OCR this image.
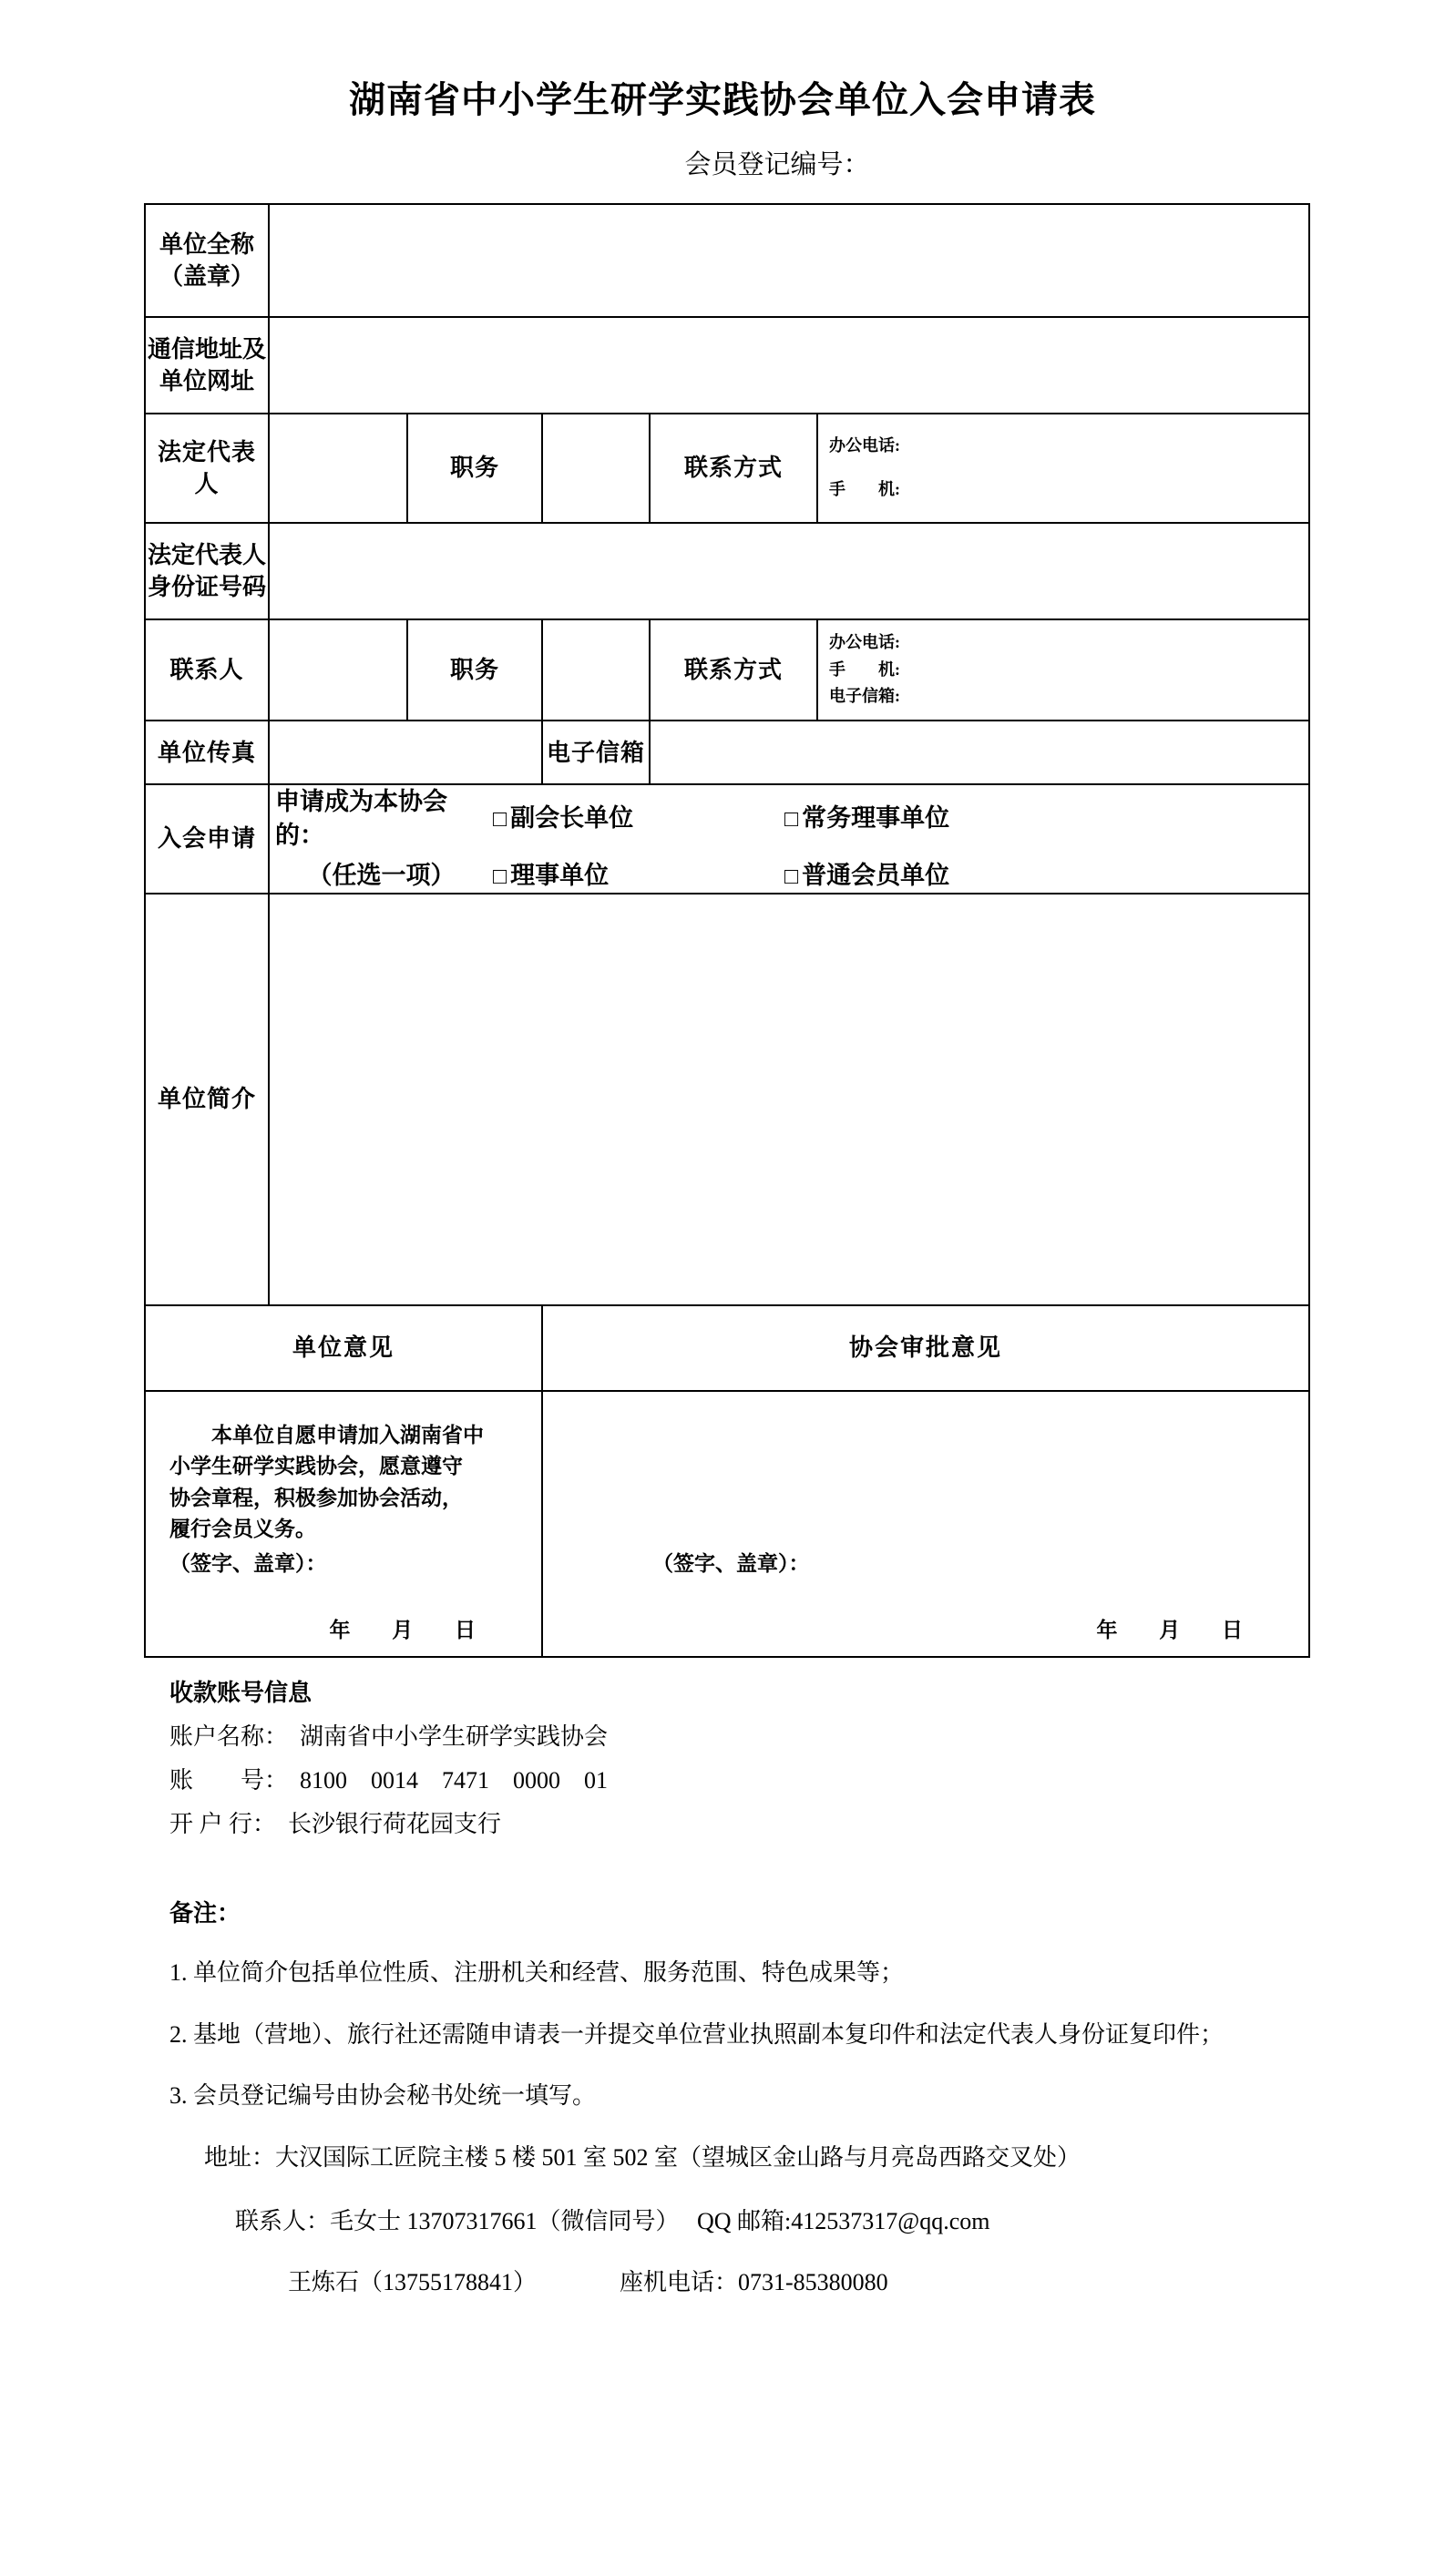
湖南省中小学生研学实践协会单位入会申请表
会员登记编号：
单位全称
（盖章）					

通信地址及
单位网址					

法定代表人		职务		联系方式	办公电话:
手　　机:

法定代表人
身份证号码					

联系人		职务		联系方式	办公电话:
手　　机:
电子信箱:

单位传真			电子信箱		
入会申请	
申请成为本协会的：
□ 副会长单位	□ 常务理事单位
（任选一项）	□ 理事单位	□ 普通会员单位

单位简介					
单位意见			协会审批意见		

本单位自愿申请加入湖南省中
小学生研学实践协会，愿意遵守
协会章程，积极参加协会活动，
履行会员义务。
（签字、盖章）：
年 月 日

（签字、盖章）：
年 月 日
收款账号信息
账户名称：  湖南省中小学生研学实践协会
账　　号：  8100　0014　7471　0000　01
开 户 行：  长沙银行荷花园支行
备注：
1. 单位简介包括单位性质、注册机关和经营、服务范围、特色成果等；
2. 基地（营地）、旅行社还需随申请表一并提交单位营业执照副本复印件和法定代表人身份证复印件；
3. 会员登记编号由协会秘书处统一填写。
地址：大汉国际工匠院主楼 5 楼 501 室 502 室（望城区金山路与月亮岛西路交叉处）
联系人：毛女士 13707317661（微信同号）　 QQ 邮箱:412537317@qq.com
王炼石（13755178841）　　　　座机电话：0731-85380080
